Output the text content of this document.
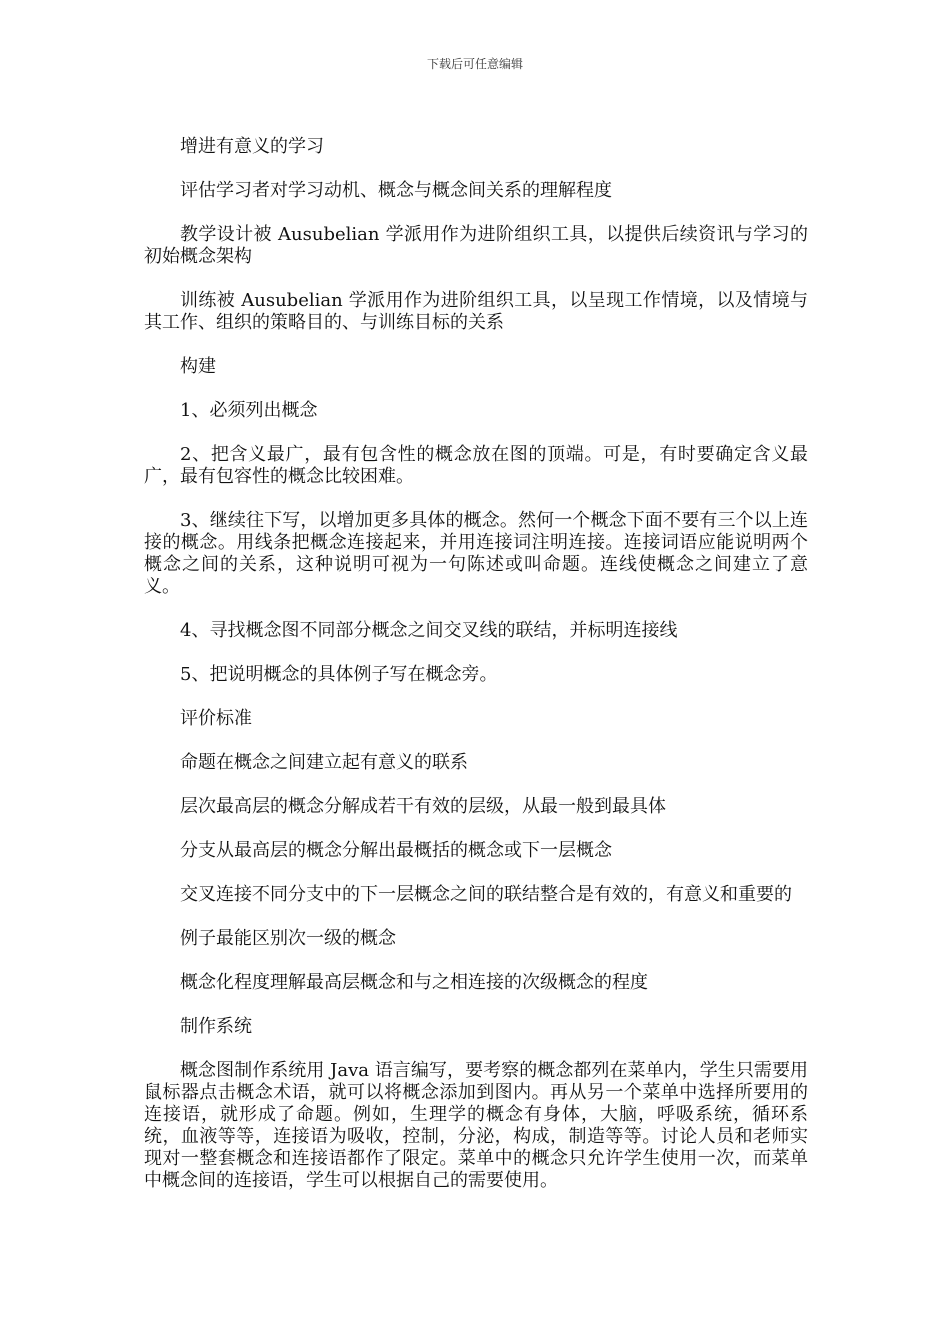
下载后可任意编辑

增进有意义的学习

评估学习者对学习动机、概念与概念间关系的理解程度

教学设计被 Ausubelian 学派用作为进阶组织工具，以提供后续资讯与学习的初始概念架构

训练被 Ausubelian 学派用作为进阶组织工具，以呈现工作情境，以及情境与其工作、组织的策略目的、与训练目标的关系

构建

1、必须列出概念

2、把含义最广，最有包含性的概念放在图的顶端。可是，有时要确定含义最广，最有包容性的概念比较困难。

3、继续往下写，以增加更多具体的概念。然何一个概念下面不要有三个以上连接的概念。用线条把概念连接起来，并用连接词注明连接。连接词语应能说明两个概念之间的关系，这种说明可视为一句陈述或叫命题。连线使概念之间建立了意义。

4、寻找概念图不同部分概念之间交叉线的联结，并标明连接线

5、把说明概念的具体例子写在概念旁。

评价标准

命题在概念之间建立起有意义的联系

层次最高层的概念分解成若干有效的层级，从最一般到最具体

分支从最高层的概念分解出最概括的概念或下一层概念

交叉连接不同分支中的下一层概念之间的联结整合是有效的，有意义和重要的

例子最能区别次一级的概念

概念化程度理解最高层概念和与之相连接的次级概念的程度

制作系统

概念图制作系统用 Java 语言编写，要考察的概念都列在菜单内，学生只需要用鼠标器点击概念术语，就可以将概念添加到图内。再从另一个菜单中选择所要用的连接语，就形成了命题。例如，生理学的概念有身体，大脑，呼吸系统，循环系统，血液等等，连接语为吸收，控制，分泌，构成，制造等等。讨论人员和老师实现对一整套概念和连接语都作了限定。菜单中的概念只允许学生使用一次，而菜单中概念间的连接语，学生可以根据自己的需要使用。
